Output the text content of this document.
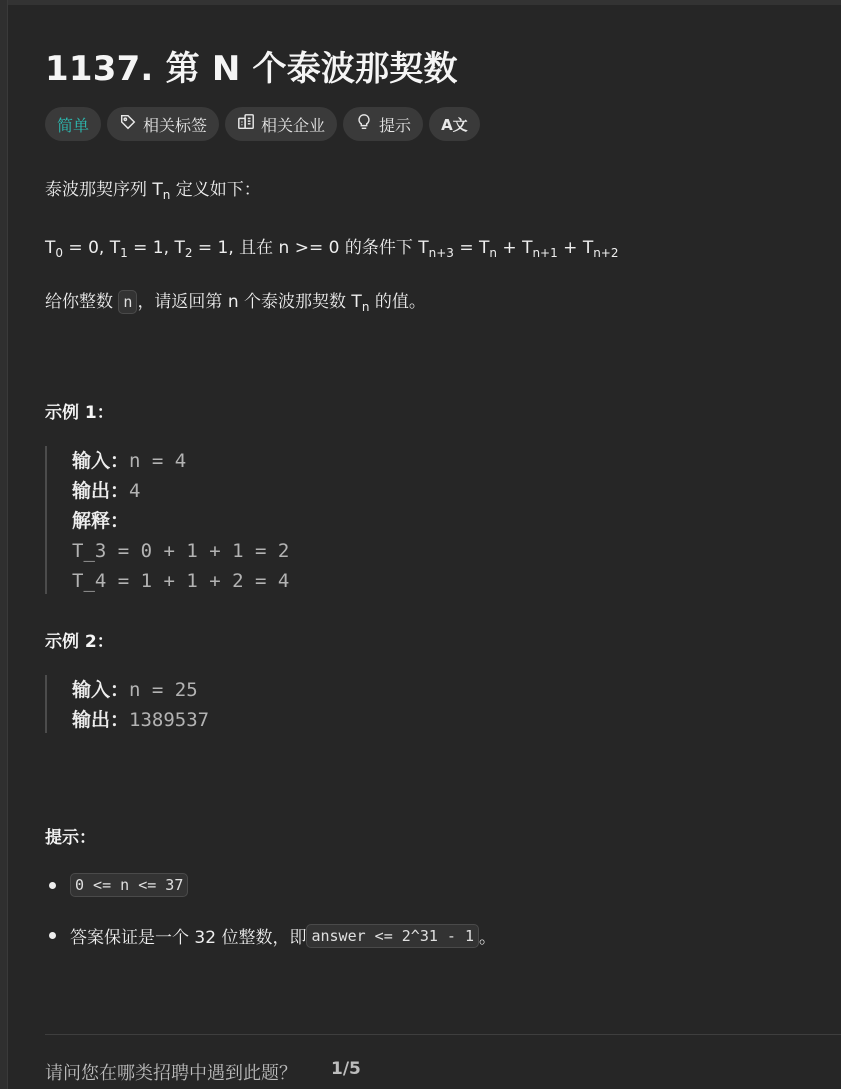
1137. 第 N 个泰波那契数
简单	相关标签	相关企业	提示 A文
泰波那契序列 $T_n$ 定义如下：
$T_0 = 0$, $T_1 = 1$, $T_2 = 1$, 且在 n >= 0 的条件下 $T_{n+3} = T_n + T_{n+1} + T_{n+2}$
给你整数 n ，请返回第 n 个泰波那契数 $T_n$ 的值。
示例 1：
输入：n = 4
输出：4
解释：
T_3 = 0 + 1 + 1 = 2
T_4 = 1 + 1 + 2 = 4
示例 2：
输入：n = 25
输出：1389537
提示：
0 <= n <= 37
答案保证是一个 32 位整数，即 answer <= 2^31 - 1 。
请问您在哪类招聘中遇到此题？ 1/5
